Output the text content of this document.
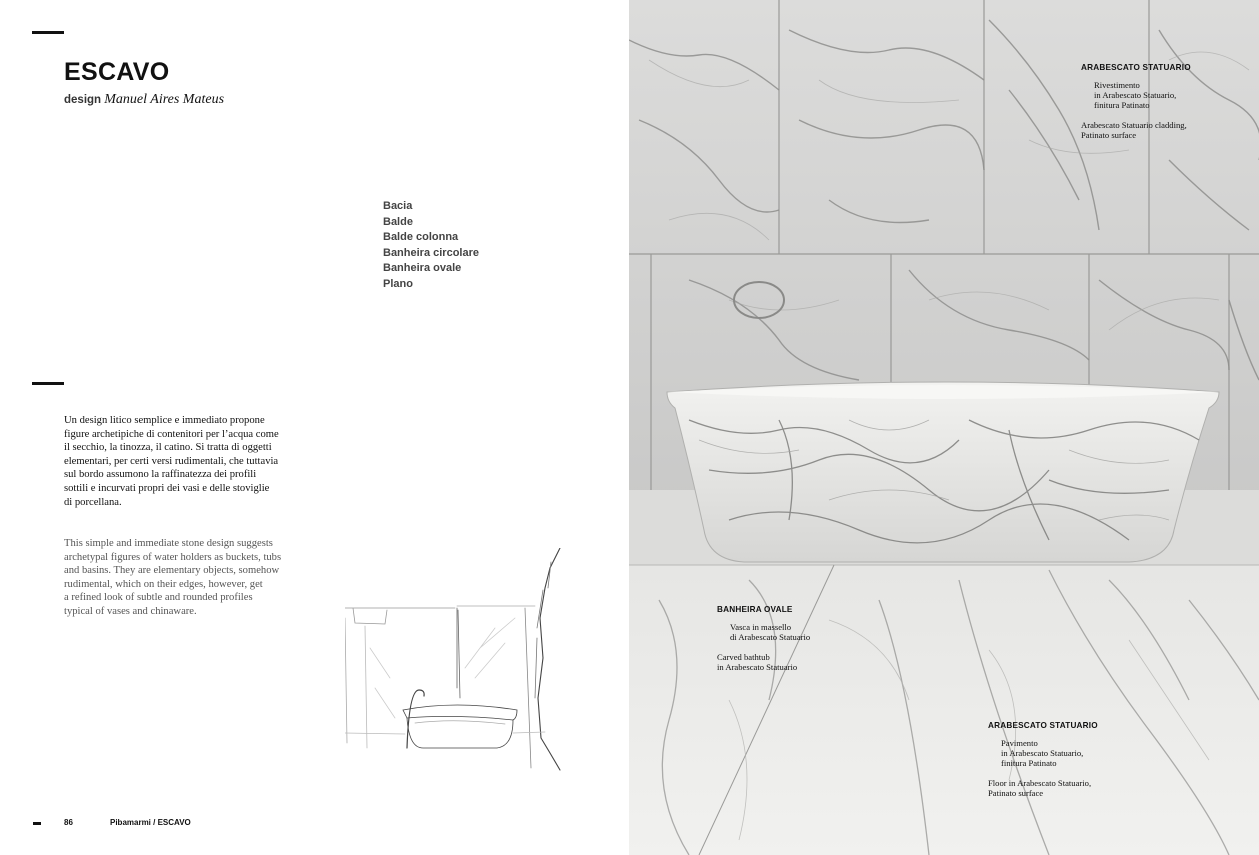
ESCAVO
design Manuel Aires Mateus
Bacia
Balde
Balde colonna
Banheira circolare
Banheira ovale
Plano
Un design litico semplice e immediato propone
figure archetipiche di contenitori per l’acqua come
il secchio, la tinozza, il catino. Si tratta di oggetti
elementari, per certi versi rudimentali, che tuttavia
sul bordo assumono la raffinatezza dei profili
sottili e incurvati propri dei vasi e delle stoviglie
di porcellana.
This simple and immediate stone design suggests
archetypal figures of water holders as buckets, tubs
and basins. They are elementary objects, somehow
rudimental, which on their edges, however, get
a refined look of subtle and rounded profiles
typical of vases and chinaware.
86	Pibamarmi / ESCAVO
ARABESCATO STATUARIO
Rivestimento
in Arabescato Statuario,
finitura Patinato
Arabescato Statuario cladding,
Patinato surface
BANHEIRA OVALE
Vasca in massello
di Arabescato Statuario
Carved bathtub
in Arabescato Statuario
ARABESCATO STATUARIO
Pavimento
in Arabescato Statuario,
finitura Patinato
Floor in Arabescato Statuario,
Patinato surface
